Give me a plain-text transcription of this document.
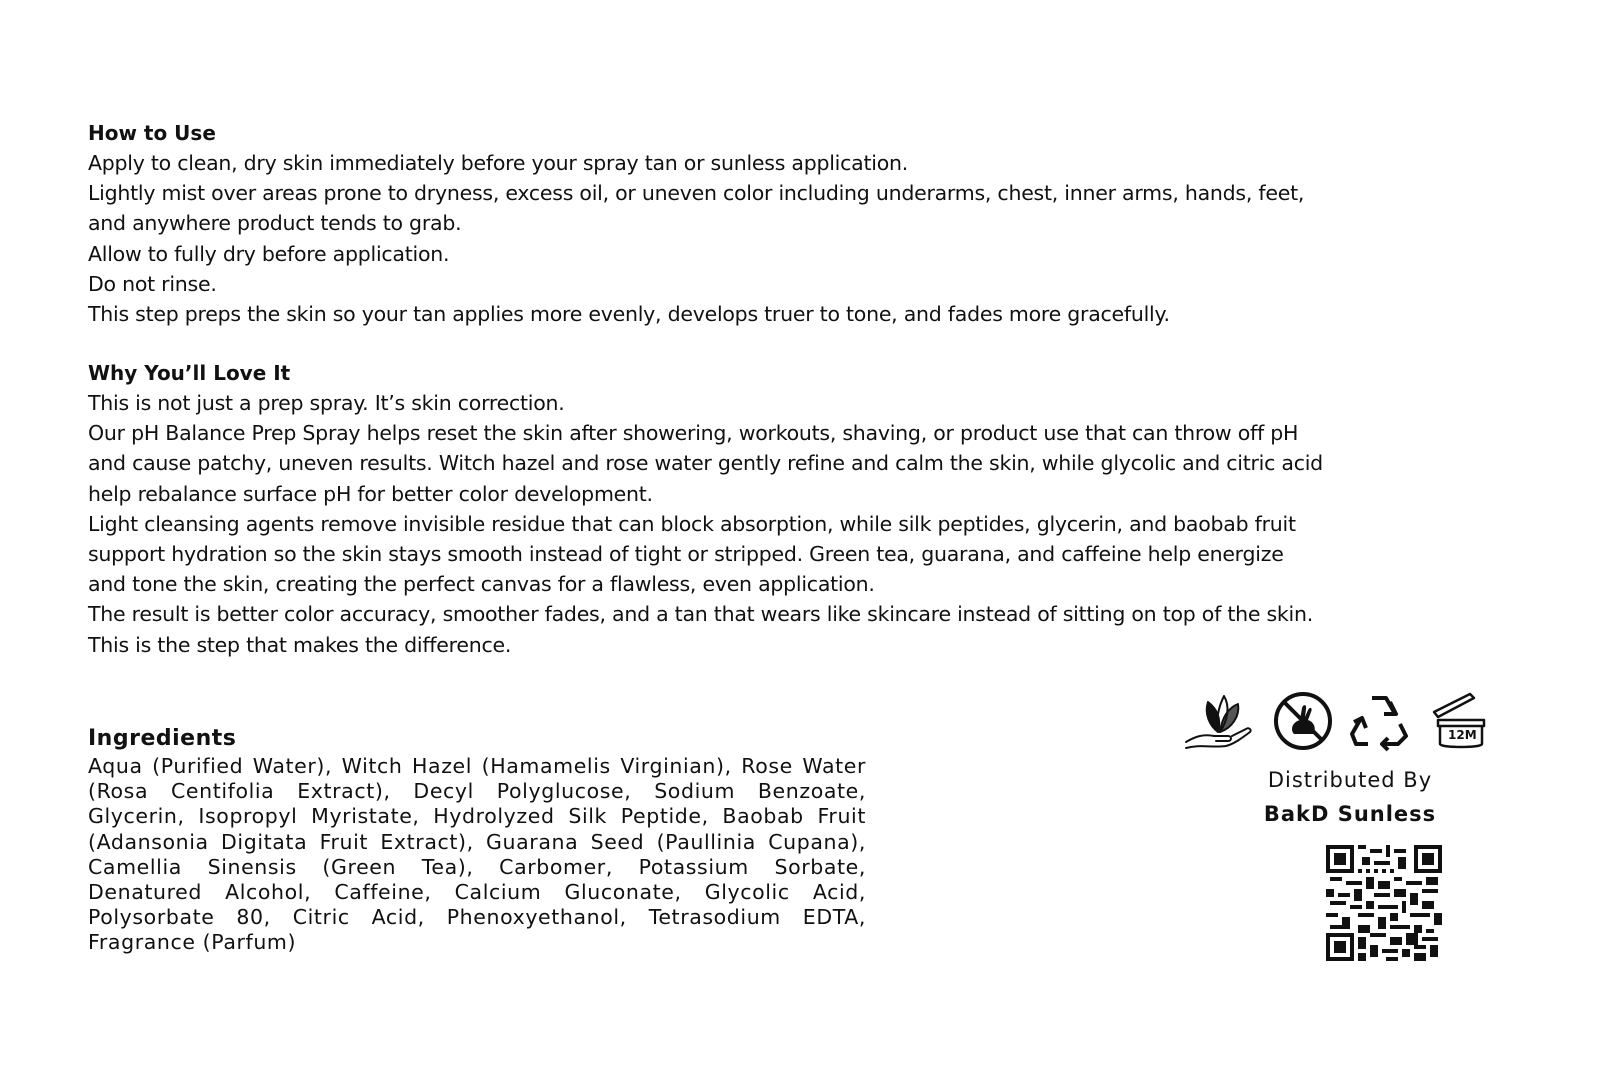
How to Use

Apply to clean, dry skin immediately before your spray tan or sunless application.

Lightly mist over areas prone to dryness, excess oil, or uneven color including underarms, chest, inner arms, hands, feet,

and anywhere product tends to grab.

Allow to fully dry before application.

Do not rinse.

This step preps the skin so your tan applies more evenly, develops truer to tone, and fades more gracefully.

Why You’ll Love It

This is not just a prep spray. It’s skin correction.

Our pH Balance Prep Spray helps reset the skin after showering, workouts, shaving, or product use that can throw off pH

and cause patchy, uneven results. Witch hazel and rose water gently refine and calm the skin, while glycolic and citric acid

help rebalance surface pH for better color development.

Light cleansing agents remove invisible residue that can block absorption, while silk peptides, glycerin, and baobab fruit

support hydration so the skin stays smooth instead of tight or stripped. Green tea, guarana, and caffeine help energize

and tone the skin, creating the perfect canvas for a flawless, even application.

The result is better color accuracy, smoother fades, and a tan that wears like skincare instead of sitting on top of the skin.

This is the step that makes the difference.

Ingredients

Aqua (Purified Water), Witch Hazel (Hamamelis Virginian), Rose Water (Rosa Centifolia Extract), Decyl Polyglucose, Sodium Benzoate, Glycerin, Isopropyl Myristate, Hydrolyzed Silk Peptide, Baobab Fruit (Adansonia Digitata Fruit Extract), Guarana Seed (Paullinia Cupana), Camellia Sinensis (Green Tea), Carbomer, Potassium Sorbate, Denatured Alcohol, Caffeine, Calcium Gluconate, Glycolic Acid, Polysorbate 80, Citric Acid, Phenoxyethanol, Tetrasodium EDTA, Fragrance (Parfum)

12M
Distributed By
BakD Sunless
